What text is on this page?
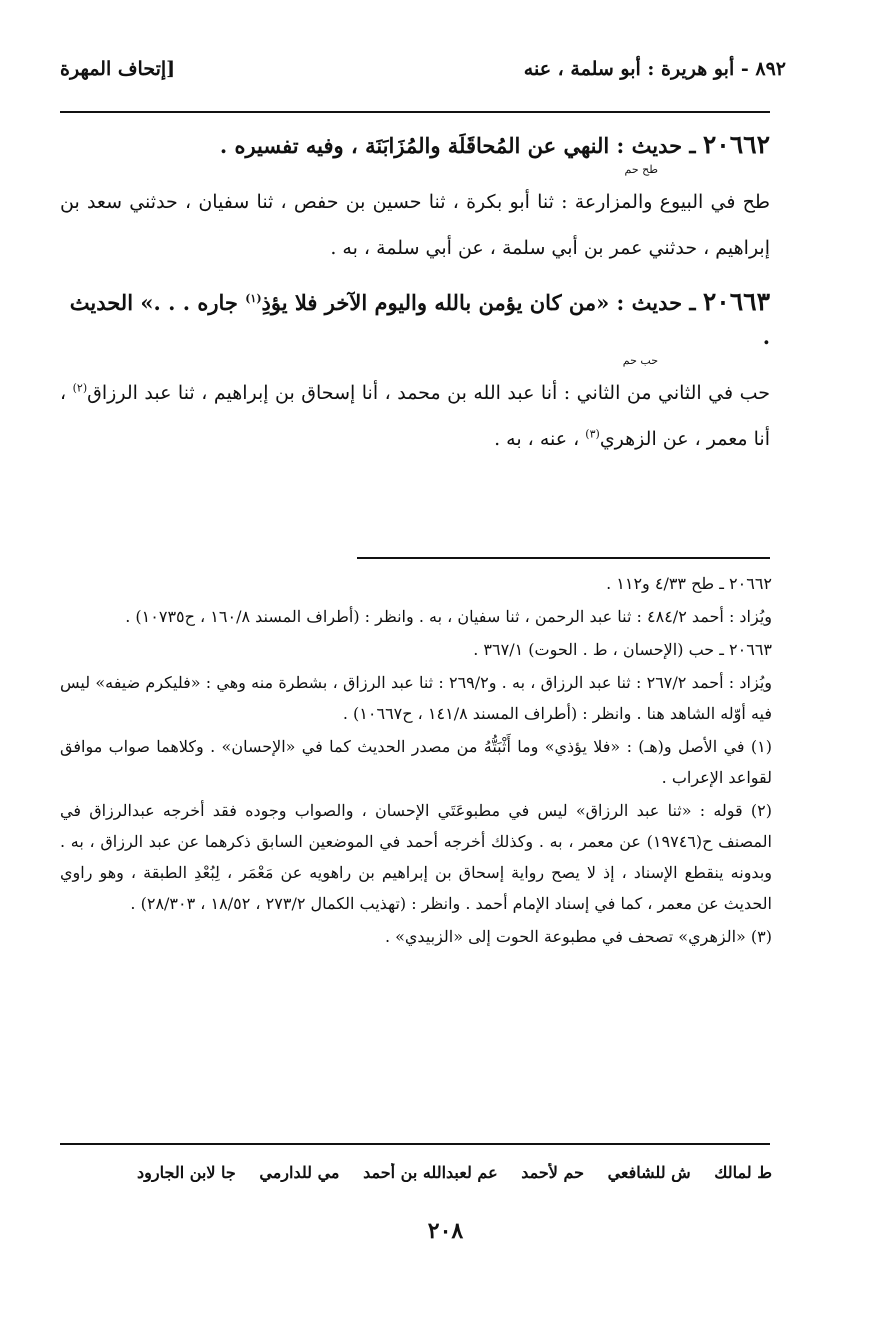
٨٩٢ - أبو هريرة : أبو سلمة ، عنه
[إتحاف المهرة

٢٠٦٦٢ ـ حديث : النهي عن المُحاقَلَة والمُزَابَنَة ، وفيه تفسيره .

طح حم

طح في البيوع والمزارعة : ثنا أبو بكرة ، ثنا حسين بن حفص ، ثنا سفيان ، حدثني سعد بن إبراهيم ، حدثني عمر بن أبي سلمة ، عن أبي سلمة ، به .

٢٠٦٦٣ ـ حديث : «من كان يؤمن بالله واليوم الآخر فلا يؤذِ$^{(١)}$ جاره . . .» الحديث .

حب حم

حب في الثاني من الثاني : أنا عبد الله بن محمد ، أنا إسحاق بن إبراهيم ، ثنا عبد الرزاق$^{(٢)}$ ، أنا معمر ، عن الزهري$^{(٣)}$ ، عنه ، به .

٢٠٦٦٢ ـ طح ٤/٣٣ و١١٢ .

ويُزاد : أحمد ٤٨٤/٢ : ثنا عبد الرحمن ، ثنا سفيان ، به . وانظر : (أطراف المسند ١٦٠/٨ ، ح١٠٧٣٥) .

٢٠٦٦٣ ـ حب (الإحسان ، ط . الحوت) ٣٦٧/١ .

ويُزاد : أحمد ٢٦٧/٢ : ثنا عبد الرزاق ، به . و٢٦٩/٢ : ثنا عبد الرزاق ، بشطرة منه وهي : «فليكرم ضيفه» ليس فيه أوّله الشاهد هنا . وانظر : (أطراف المسند ١٤١/٨ ، ح١٠٦٦٧) .

(١) في الأصل و(هـ) : «فلا يؤذي» وما أَثْبَتُّهُ من مصدر الحديث كما في «الإحسان» . وكلاهما صواب موافق لقواعد الإعراب .

(٢) قوله : «ثنا عبد الرزاق» ليس في مطبوعَتَي الإحسان ، والصواب وجوده فقد أخرجه عبدالرزاق في المصنف ح(١٩٧٤٦) عن معمر ، به . وكذلك أخرجه أحمد في الموضعين السابق ذكرهما عن عبد الرزاق ، به . وبدونه ينقطع الإسناد ، إذ لا يصح رواية إسحاق بن إبراهيم بن راهويه عن مَعْمَر ، لِبُعْدِ الطبقة ، وهو راوي الحديث عن معمر ، كما في إسناد الإمام أحمد . وانظر : (تهذيب الكمال ٢٧٣/٢ ، ١٨/٥٢ ، ٢٨/٣٠٣) .

(٣) «الزهري» تصحف في مطبوعة الحوت إلى «الزبيدي» .

ط لمالك ش للشافعي حم لأحمد عم لعبدالله بن أحمد مي للدارمي جا لابن الجارود
٢٠٨
